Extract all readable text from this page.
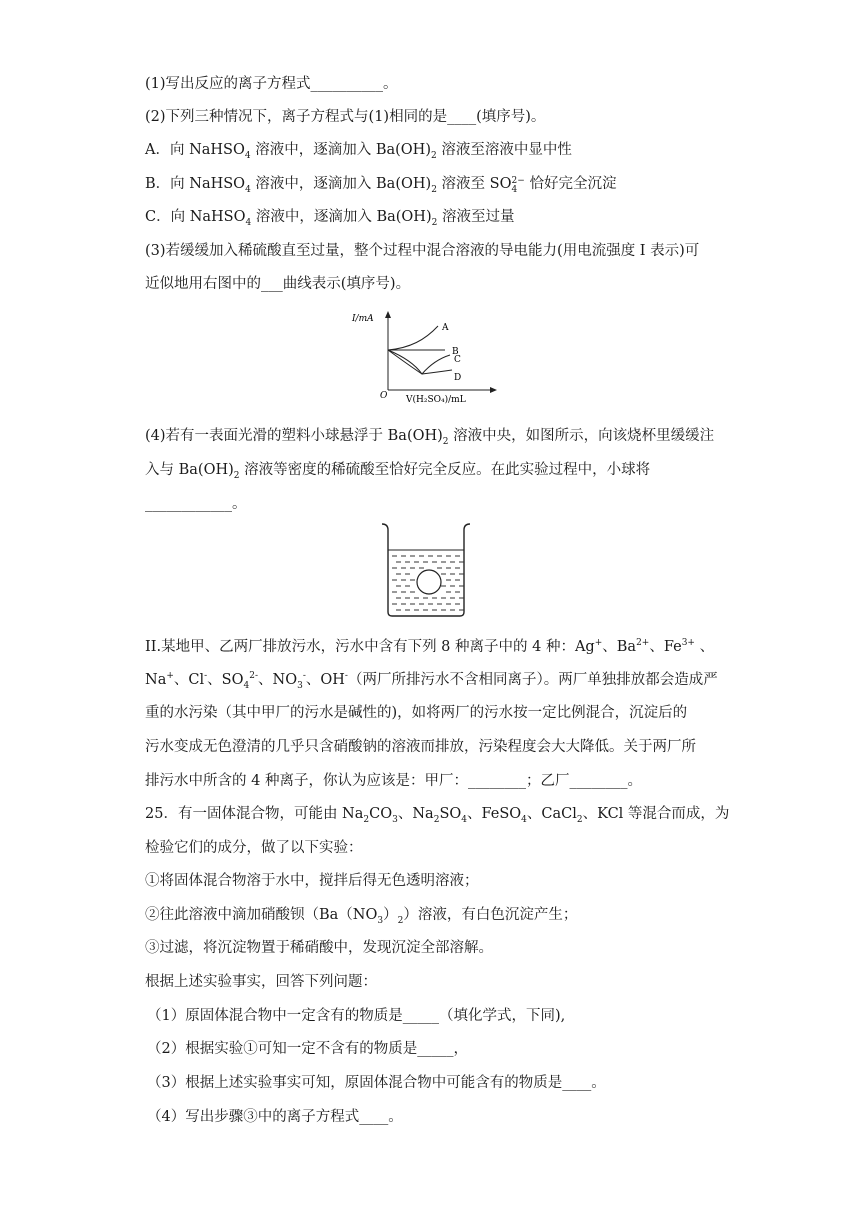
(1)写出反应的离子方程式__________。
(2)下列三种情况下，离子方程式与(1)相同的是____(填序号)。
A．向 NaHSO$_4$ 溶液中，逐滴加入 $Ba(OH)_2$ 溶液至溶液中显中性
B．向 NaHSO$_4$ 溶液中，逐滴加入 $Ba(OH)_2$ 溶液至 SO 2−
4 恰好完全沉淀
C．向 NaHSO$_4$ 溶液中，逐滴加入 $Ba(OH)_2$ 溶液至过量
(3)若缓缓加入稀硫酸直至过量，整个过程中混合溶液的导电能力(用电流强度 I 表示)可
近似地用右图中的___曲线表示(填序号)。
I/mA
O V(H₂SO₄)/mL
A
B
C
D
(4)若有一表面光滑的塑料小球悬浮于 $Ba(OH)_2$ 溶液中央，如图所示，向该烧杯里缓缓注
入与 $Ba(OH)_2$ 溶液等密度的稀硫酸至恰好完全反应。在此实验过程中，小球将
____________。
II.某地甲、乙两厂排放污水，污水中含有下列 8 种离子中的 4 种：Ag+、$Ba^{2+}$、$Fe^{3+}$ 、
Na+、Cl-、$SO_4^{2-}$、$NO_3^-$、OH-（两厂所排污水不含相同离子）。两厂单独排放都会造成严
重的水污染（其中甲厂的污水是碱性的)，如将两厂的污水按一定比例混合，沉淀后的
污水变成无色澄清的几乎只含硝酸钠的溶液而排放，污染程度会大大降低。关于两厂所
排污水中所含的 4 种离子，你认为应该是：甲厂：________；乙厂________。
25．有一固体混合物，可能由 $Na_2CO_3$、$Na_2SO_4$、FeSO$_4$、CaCl$_2$、KCl 等混合而成，为
检验它们的成分，做了以下实验：
①将固体混合物溶于水中，搅拌后得无色透明溶液；
②往此溶液中滴加硝酸钡$(Ba(NO_3)_2)$溶液，有白色沉淀产生；
③过滤，将沉淀物置于稀硝酸中，发现沉淀全部溶解。
根据上述实验事实，回答下列问题：
（1）原固体混合物中一定含有的物质是_____（填化学式，下同),
（2）根据实验①可知一定不含有的物质是_____，
（3）根据上述实验事实可知，原固体混合物中可能含有的物质是____。
（4）写出步骤③中的离子方程式____。
